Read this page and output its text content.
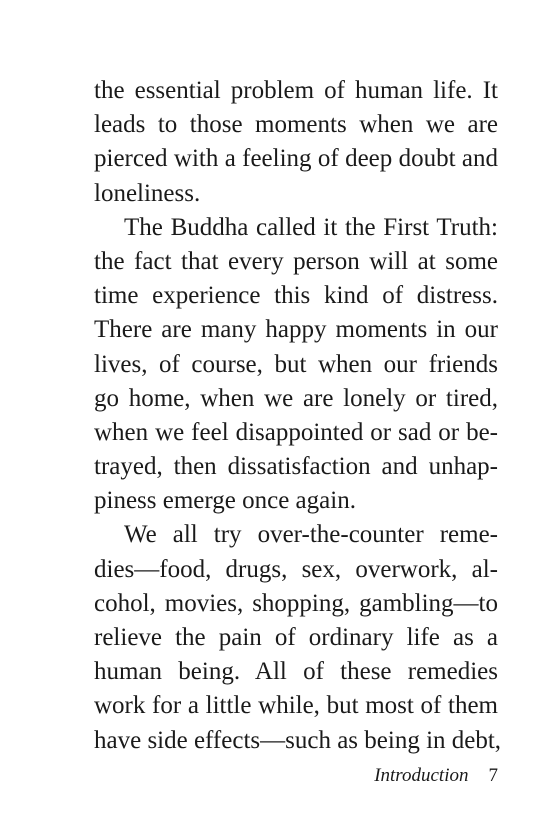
the essential problem of human life. It
leads to those moments when we are
pierced with a feeling of deep doubt and
loneliness.
The Buddha called it the First Truth:
the fact that every person will at some
time experience this kind of distress.
There are many happy moments in our
lives, of course, but when our friends
go home, when we are lonely or tired,
when we feel disappointed or sad or be-
trayed, then dissatisfaction and unhap-
piness emerge once again.
We all try over-the-counter reme-
dies—food, drugs, sex, overwork, al-
cohol, movies, shopping, gambling—to
relieve the pain of ordinary life as a
human being. All of these remedies
work for a little while, but most of them
have side effects—such as being in debt,
Introduction 7
